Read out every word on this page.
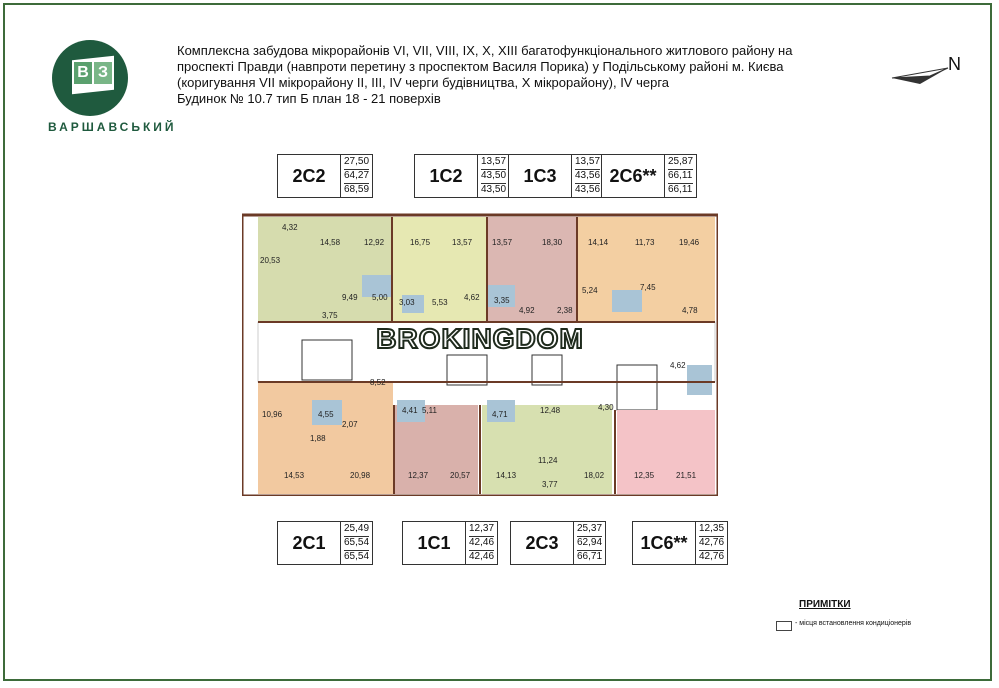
В З
ВАРШАВСЬКИЙ
Комплексна забудова мікрорайонів VI, VII, VIII, IX, X, XIII багатофункціонального житлового району на
проспекті Правди (навпроти перетину з проспектом Василя Порика) у Подільському районі м. Києва
(коригування VII мікрорайону II, III, IV черги будівництва, X мікрорайону), IV черга
Будинок № 10.7 тип Б план 18 - 21 поверхів
N
2С2
27,50
64,27
68,59
1С2
13,57
43,50
43,50
1С3
13,57
43,56
43,56
2С6**
25,87
66,11
66,11
2С1
25,49
65,54
65,54
1С1
12,37
42,46
42,46
2С3
25,37
62,94
66,71
1С6**
12,35
42,76
42,76
4,32
20,53
14,58	12,92
9,49
3,75
5,00
16,75	13,57
3,03 5,53
4,62
13,57	18,30
3,35
4,92	2,38
14,14	11,73	19,46
5,24	7,45
4,78
8,52
10,96	4,55
2,07
1,88
14,53	20,98
4,41 5,11
12,37	20,57
4,71	12,48
11,24
3,77
14,13	18,02
4,30
4,62
12,35	21,51
BROKINGDOM
ПРИМІТКИ
- місця встановлення кондиціонерів
